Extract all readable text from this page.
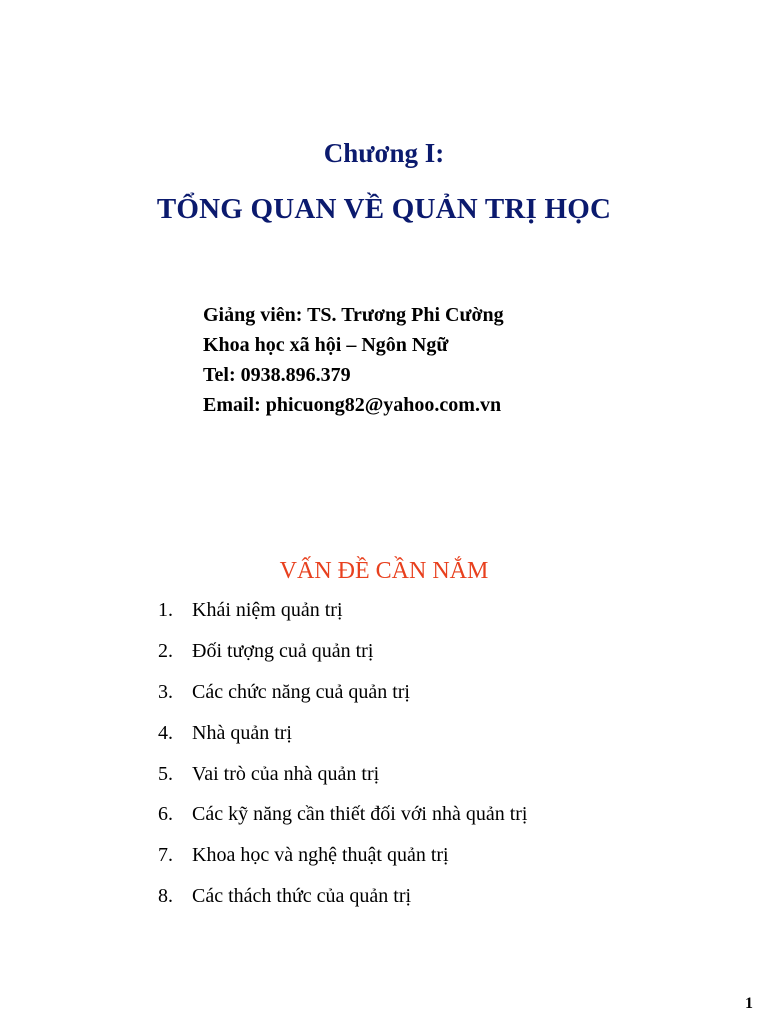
Chương I:
TỔNG QUAN VỀ QUẢN TRỊ HỌC
Giảng viên: TS. Trương Phi Cường
Khoa học xã hội – Ngôn Ngữ
Tel: 0938.896.379
Email: phicuong82@yahoo.com.vn
VẤN ĐỀ CẦN NẮM
1. Khái niệm quản trị
2. Đối tượng cuả quản trị
3. Các chức năng cuả quản trị
4. Nhà quản trị
5. Vai trò của nhà quản trị
6. Các kỹ năng cần thiết đối với nhà quản trị
7. Khoa học và nghệ thuật quản trị
8. Các thách thức của quản trị
1
